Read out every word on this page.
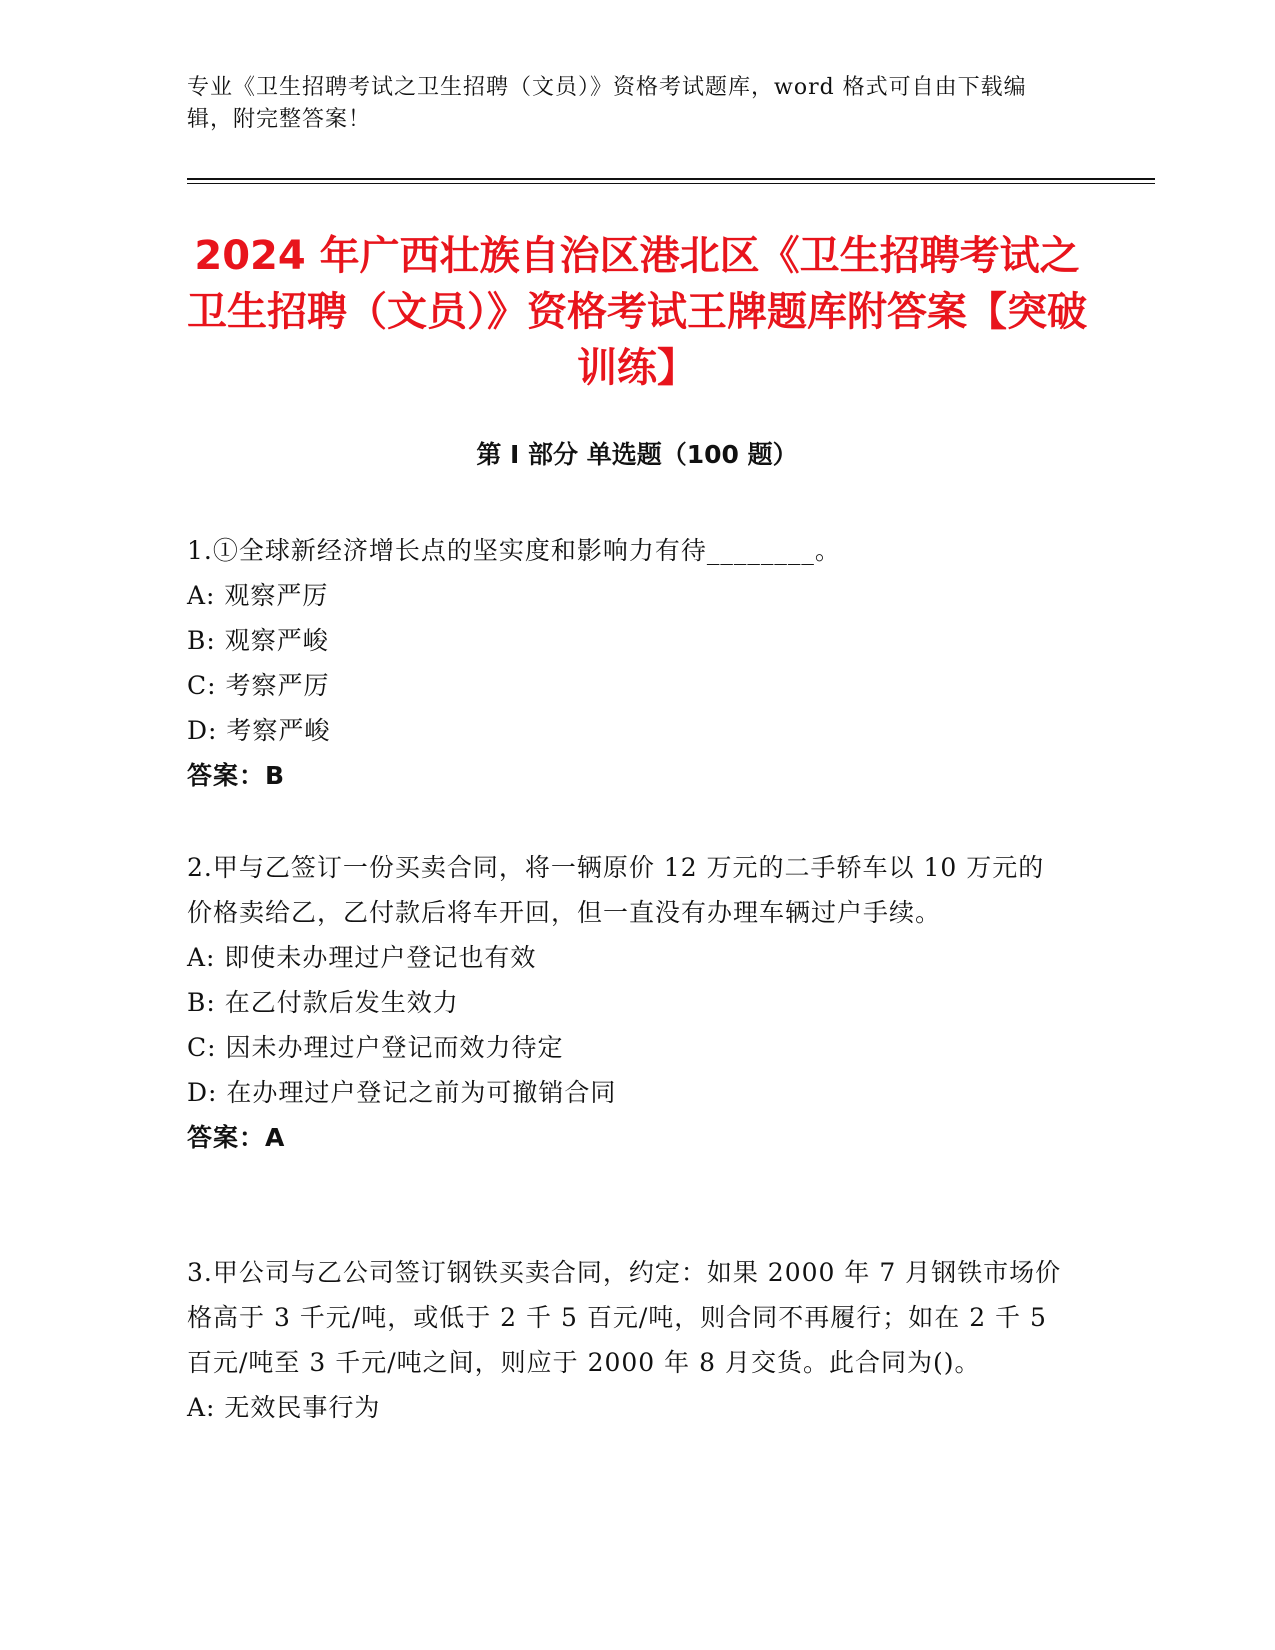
专业《卫生招聘考试之卫生招聘（文员）》资格考试题库，word 格式可自由下载编辑，附完整答案！
2024 年广西壮族自治区港北区《卫生招聘考试之卫生招聘（文员）》资格考试王牌题库附答案【突破训练】
第 I 部分 单选题（100 题）

1.①全球新经济增长点的坚实度和影响力有待________。

A: 观察严厉

B: 观察严峻

C: 考察严厉

D: 考察严峻

答案：B

2.甲与乙签订一份买卖合同，将一辆原价 12 万元的二手轿车以 10 万元的价格卖给乙，乙付款后将车开回，但一直没有办理车辆过户手续。

A: 即使未办理过户登记也有效

B: 在乙付款后发生效力

C: 因未办理过户登记而效力待定

D: 在办理过户登记之前为可撤销合同

答案：A

3.甲公司与乙公司签订钢铁买卖合同，约定：如果 2000 年 7 月钢铁市场价格高于 3 千元/吨，或低于 2 千 5 百元/吨，则合同不再履行；如在 2 千 5 百元/吨至 3 千元/吨之间，则应于 2000 年 8 月交货。此合同为()。

A: 无效民事行为
